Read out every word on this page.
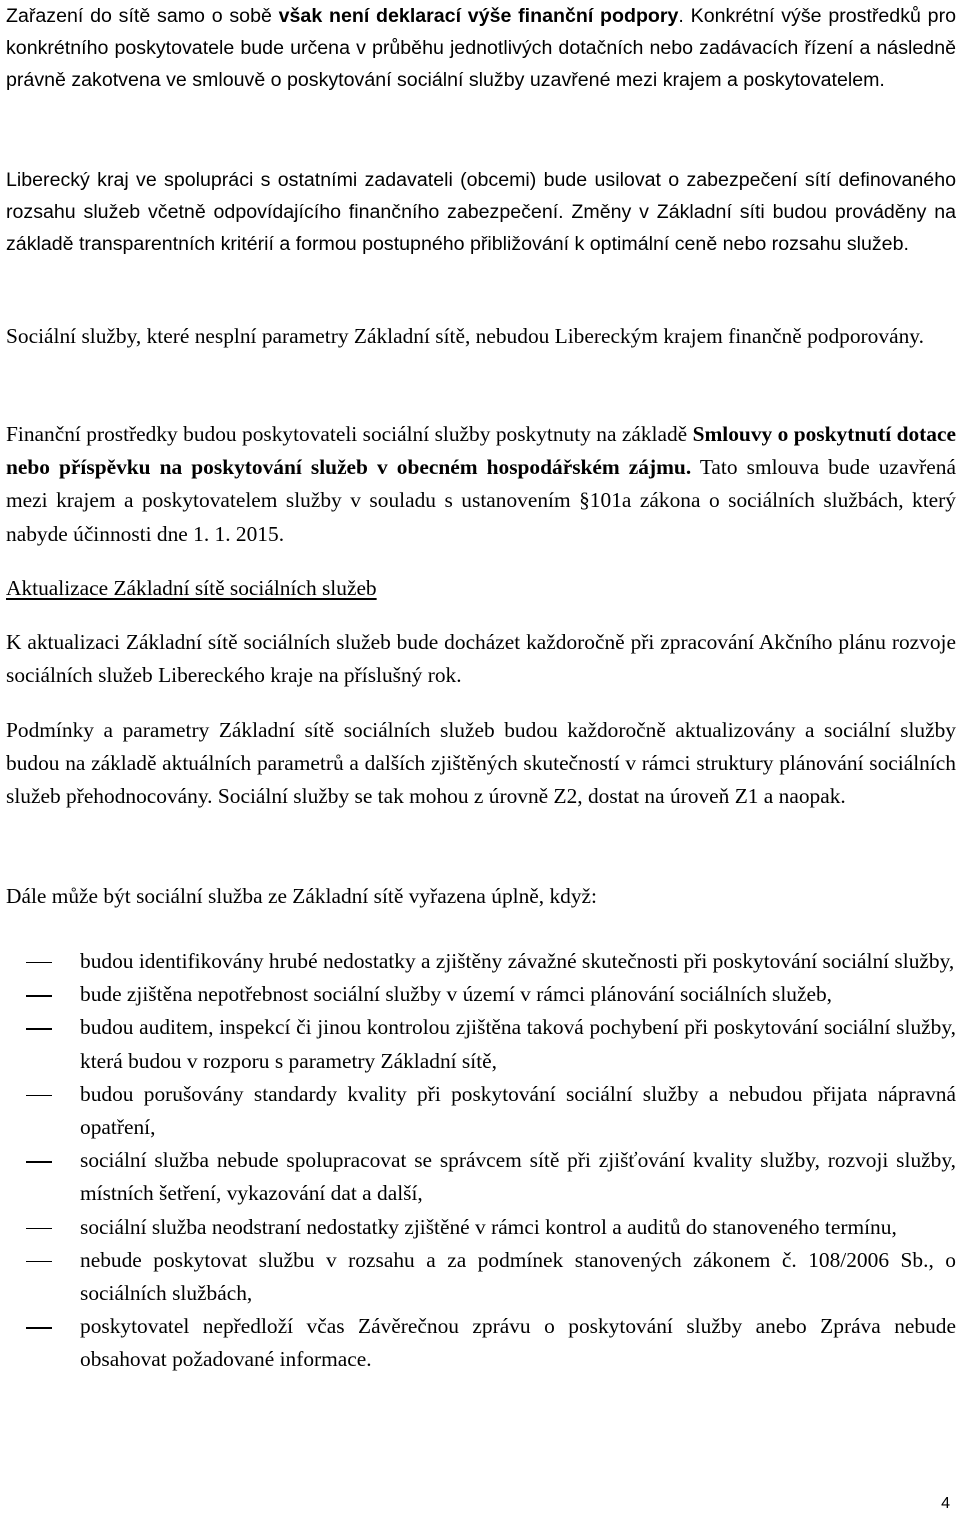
Zařazení do sítě samo o sobě však není deklarací výše finanční podpory. Konkrétní výše prostředků pro konkrétního poskytovatele bude určena v průběhu jednotlivých dotačních nebo zadávacích řízení a následně právně zakotvena ve smlouvě o poskytování sociální služby uzavřené mezi krajem a poskytovatelem.

Liberecký kraj ve spolupráci s ostatními zadavateli (obcemi) bude usilovat o zabezpečení sítí definovaného rozsahu služeb včetně odpovídajícího finančního zabezpečení. Změny v Základní síti budou prováděny na základě transparentních kritérií a formou postupného přibližování k optimální ceně nebo rozsahu služeb.

Sociální služby, které nesplní parametry Základní sítě, nebudou Libereckým krajem finančně podporovány.

Finanční prostředky budou poskytovateli sociální služby poskytnuty na základě Smlouvy o poskytnutí dotace nebo příspěvku na poskytování služeb v obecném hospodářském zájmu. Tato smlouva bude uzavřená mezi krajem a poskytovatelem služby v souladu s ustanovením §101a zákona o sociálních službách, který nabyde účinnosti dne 1. 1. 2015.

Aktualizace Základní sítě sociálních služeb

K aktualizaci Základní sítě sociálních služeb bude docházet každoročně při zpracování Akčního plánu rozvoje sociálních služeb Libereckého kraje na příslušný rok.

Podmínky a parametry Základní sítě sociálních služeb budou každoročně aktualizovány a sociální služby budou na základě aktuálních parametrů a dalších zjištěných skutečností v rámci struktury plánování sociálních služeb přehodnocovány. Sociální služby se tak mohou z úrovně Z2, dostat na úroveň Z1 a naopak.

Dále může být sociální služba ze Základní sítě vyřazena úplně, když:

budou identifikovány hrubé nedostatky a zjištěny závažné skutečnosti při poskytování sociální služby,
bude zjištěna nepotřebnost sociální služby v území v rámci plánování sociálních služeb,
budou auditem, inspekcí či jinou kontrolou zjištěna taková pochybení při poskytování sociální služby, která budou v rozporu s parametry Základní sítě,
budou porušovány standardy kvality při poskytování sociální služby a nebudou přijata nápravná opatření,
sociální služba nebude spolupracovat se správcem sítě při zjišťování kvality služby, rozvoji služby, místních šetření, vykazování dat a další,
sociální služba neodstraní nedostatky zjištěné v rámci kontrol a auditů do stanoveného termínu,
nebude poskytovat službu v rozsahu a za podmínek stanovených zákonem č. 108/2006 Sb., o sociálních službách,
poskytovatel nepředloží včas Závěrečnou zprávu o poskytování služby anebo Zpráva nebude obsahovat požadované informace.
4
